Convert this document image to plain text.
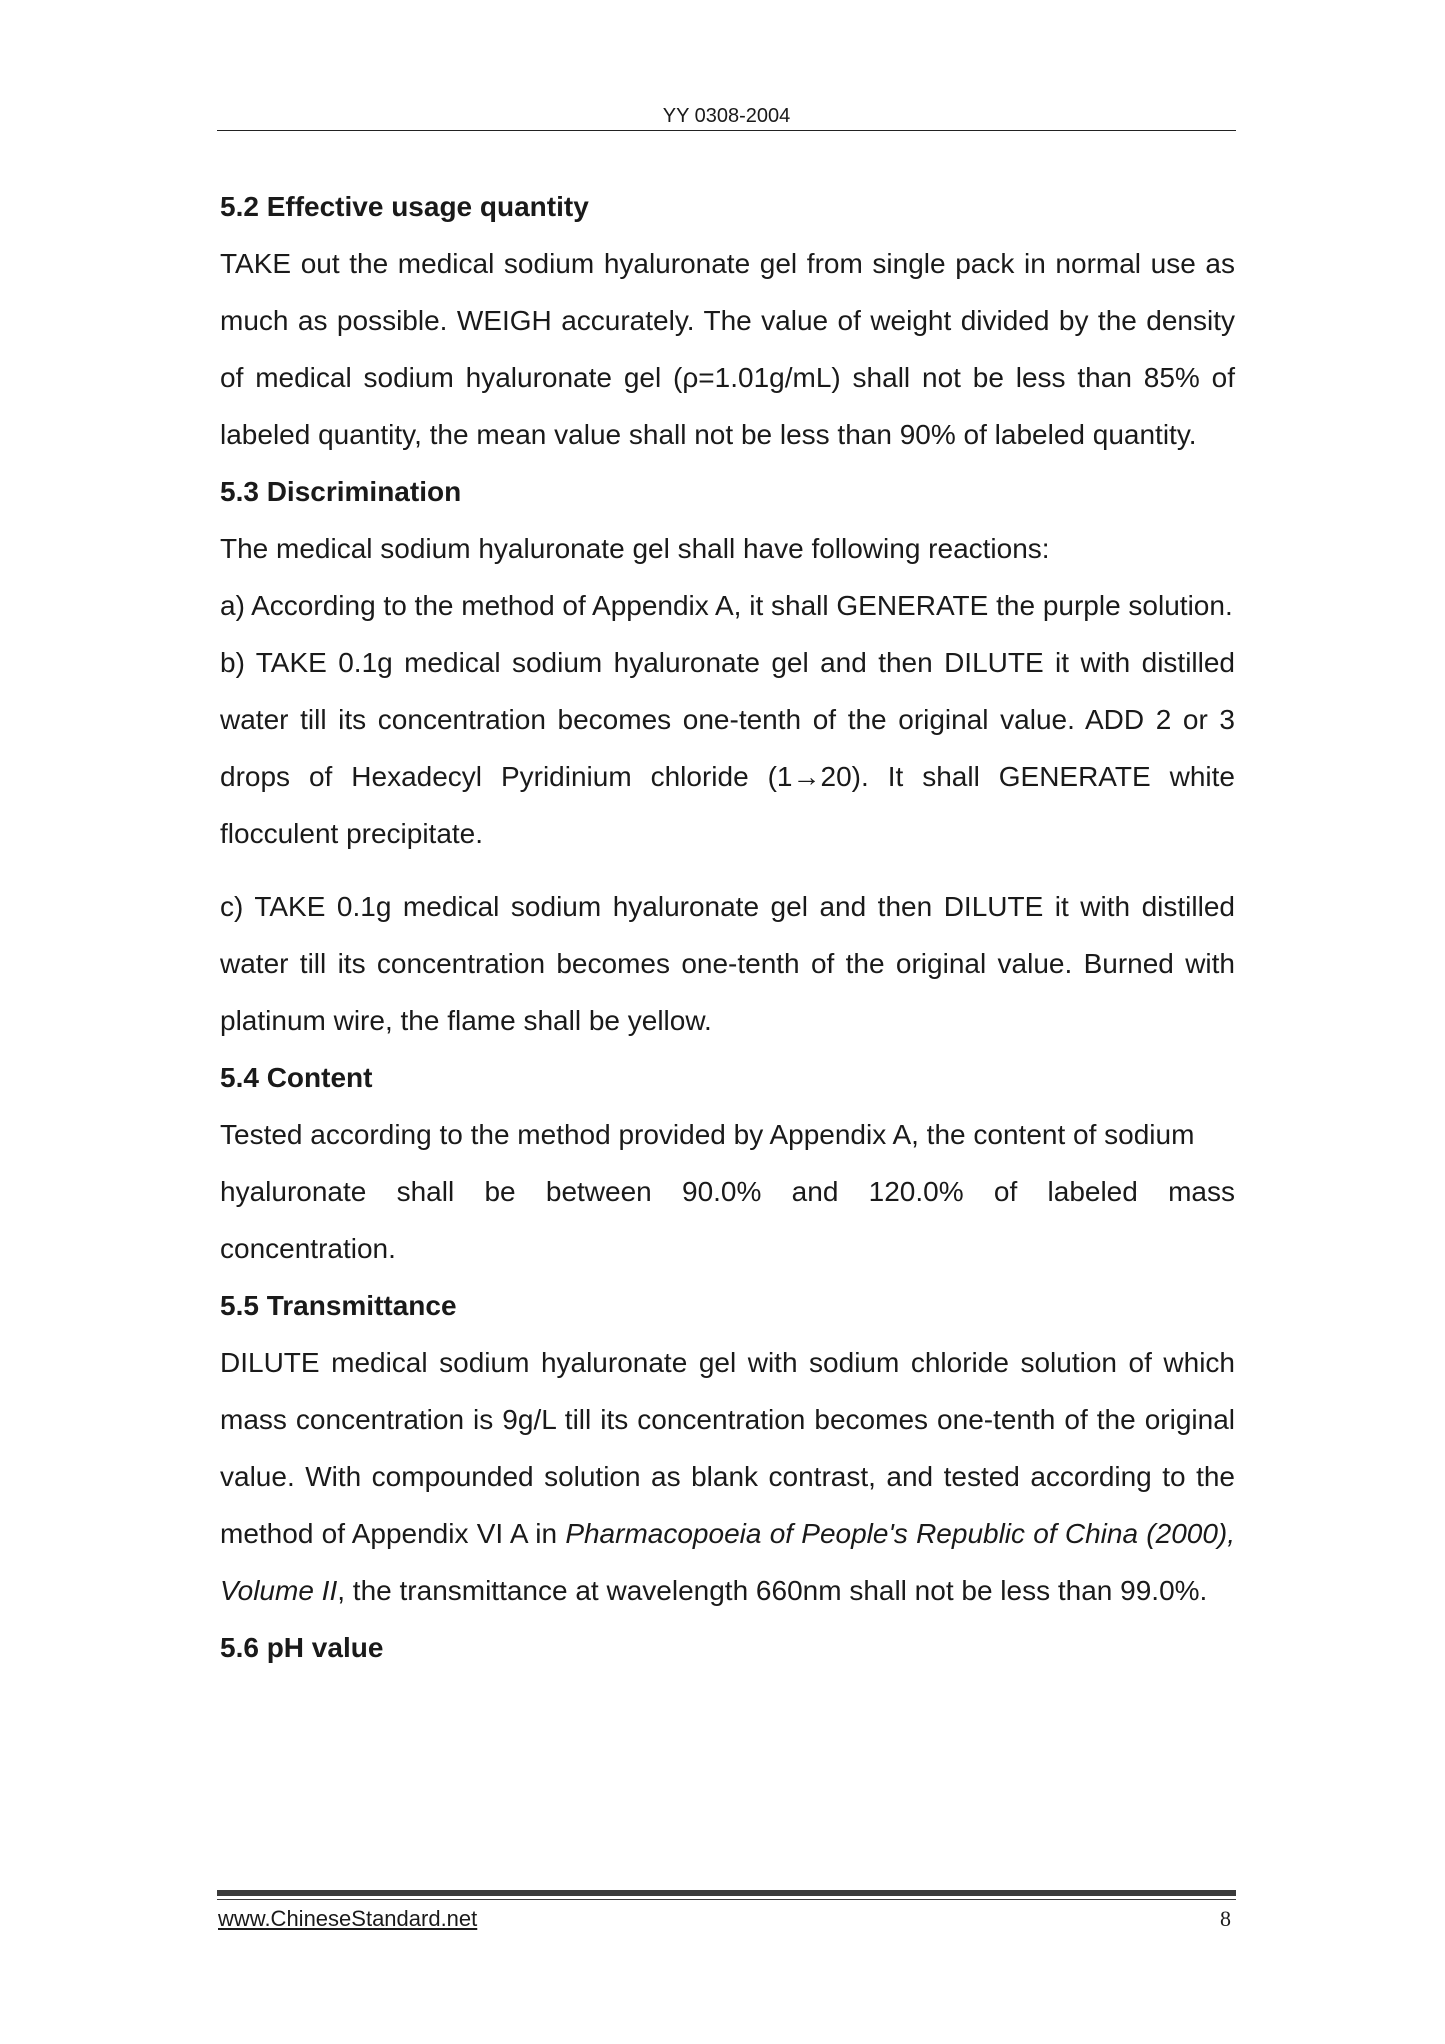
YY 0308-2004

5.2 Effective usage quantity

TAKE out the medical sodium hyaluronate gel from single pack in normal use as much as possible. WEIGH accurately. The value of weight divided by the density of medical sodium hyaluronate gel (ρ=1.01g/mL) shall not be less than 85% of labeled quantity, the mean value shall not be less than 90% of labeled quantity.

5.3 Discrimination

The medical sodium hyaluronate gel shall have following reactions:

a) According to the method of Appendix A, it shall GENERATE the purple solution.

b) TAKE 0.1g medical sodium hyaluronate gel and then DILUTE it with distilled water till its concentration becomes one-tenth of the original value. ADD 2 or 3 drops of Hexadecyl Pyridinium chloride (1→20). It shall GENERATE white flocculent precipitate.

c) TAKE 0.1g medical sodium hyaluronate gel and then DILUTE it with distilled water till its concentration becomes one-tenth of the original value. Burned with platinum wire, the flame shall be yellow.

5.4 Content

Tested according to the method provided by Appendix A, the content of sodium

hyaluronate shall be between 90.0% and 120.0% of labeled mass

concentration.

5.5 Transmittance

DILUTE medical sodium hyaluronate gel with sodium chloride solution of which mass concentration is 9g/L till its concentration becomes one-tenth of the original value. With compounded solution as blank contrast, and tested according to the method of Appendix VI A in Pharmacopoeia of People's Republic of China (2000), Volume II, the transmittance at wavelength 660nm shall not be less than 99.0%.

5.6 pH value

www.ChineseStandard.net	8
